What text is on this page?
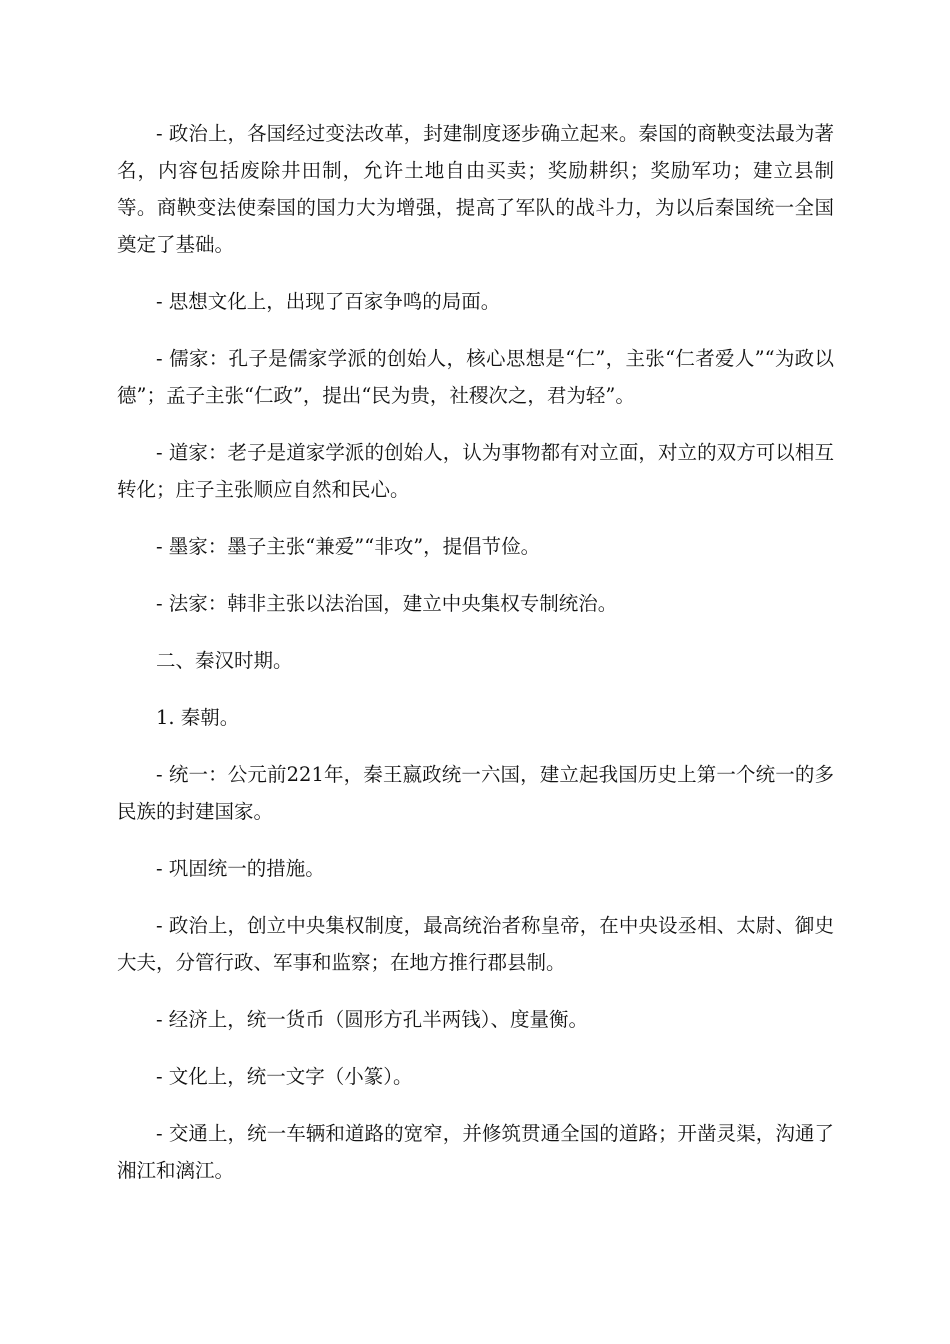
- 政治上，各国经过变法改革，封建制度逐步确立起来。秦国的商鞅变法最为著名，内容包括废除井田制，允许土地自由买卖；奖励耕织；奖励军功；建立县制等。商鞅变法使秦国的国力大为增强，提高了军队的战斗力，为以后秦国统一全国奠定了基础。

- 思想文化上，出现了百家争鸣的局面。

- 儒家：孔子是儒家学派的创始人，核心思想是“仁”，主张“仁者爱人”“为政以德”；孟子主张“仁政”，提出“民为贵，社稷次之，君为轻”。

- 道家：老子是道家学派的创始人，认为事物都有对立面，对立的双方可以相互转化；庄子主张顺应自然和民心。

- 墨家：墨子主张“兼爱”“非攻”，提倡节俭。

- 法家：韩非主张以法治国，建立中央集权专制统治。

二、秦汉时期。

1. 秦朝。

- 统一：公元前221年，秦王嬴政统一六国，建立起我国历史上第一个统一的多民族的封建国家。

- 巩固统一的措施。

- 政治上，创立中央集权制度，最高统治者称皇帝，在中央设丞相、太尉、御史大夫，分管行政、军事和监察；在地方推行郡县制。

- 经济上，统一货币（圆形方孔半两钱）、度量衡。

- 文化上，统一文字（小篆）。

- 交通上，统一车辆和道路的宽窄，并修筑贯通全国的道路；开凿灵渠，沟通了湘江和漓江。
